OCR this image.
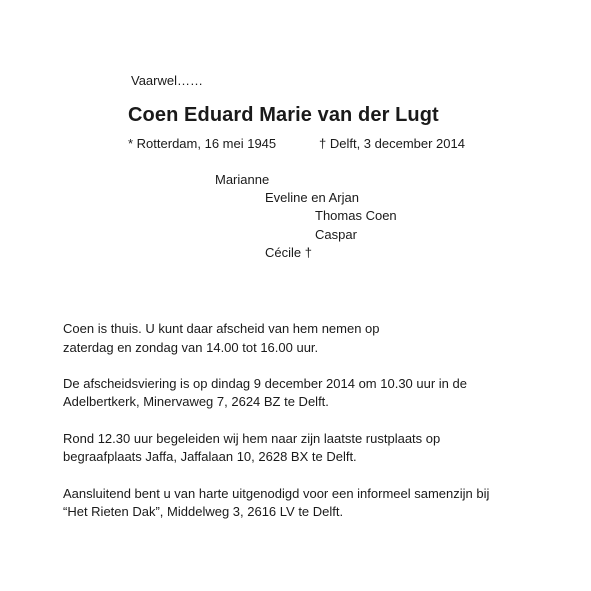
Vaarwel……
Coen Eduard Marie van der Lugt
* Rotterdam, 16 mei 1945	† Delft, 3 december 2014
Marianne
Eveline en Arjan
Thomas Coen
Caspar
Cécile †
Coen is thuis. U kunt daar afscheid van hem nemen op
zaterdag en zondag van 14.00 tot 16.00 uur.
De afscheidsviering is op dindag 9 december 2014 om 10.30 uur in de
Adelbertkerk, Minervaweg 7, 2624 BZ te Delft.
Rond 12.30 uur begeleiden wij hem naar zijn laatste rustplaats op
begraafplaats Jaffa, Jaffalaan 10, 2628 BX te Delft.
Aansluitend bent u van harte uitgenodigd voor een informeel samenzijn bij
“Het Rieten Dak”, Middelweg 3, 2616 LV te Delft.
